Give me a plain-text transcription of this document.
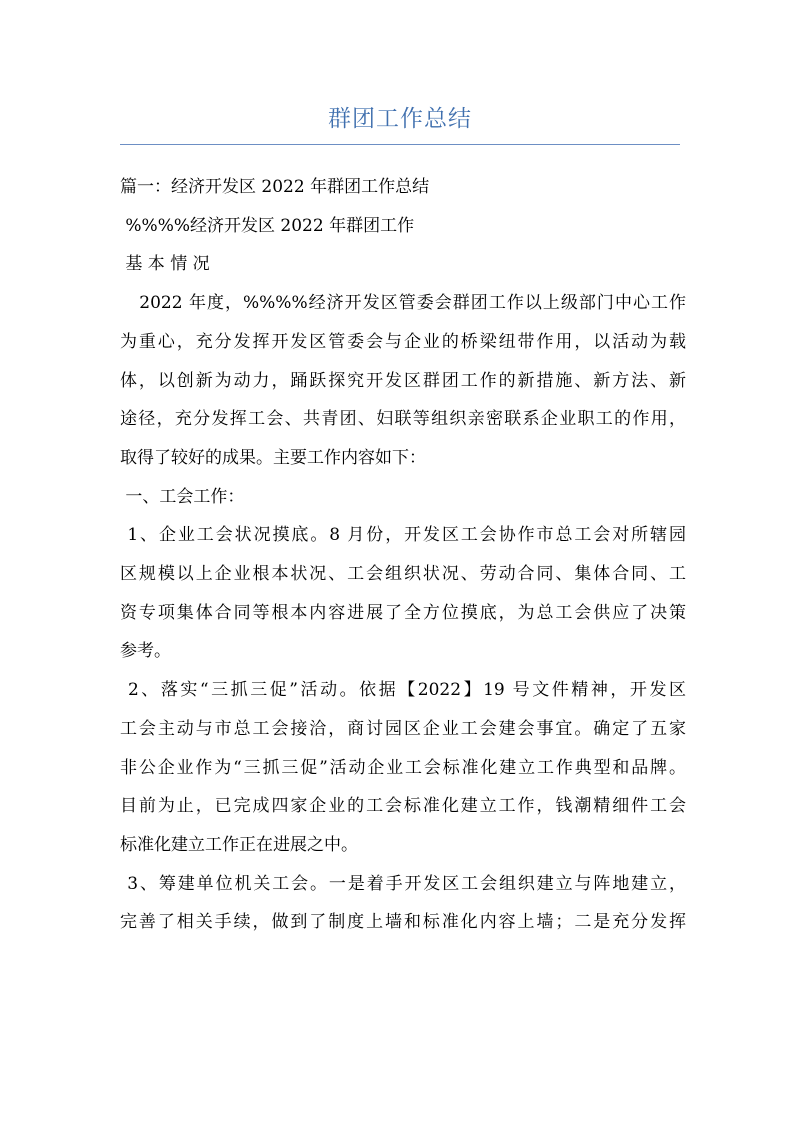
群团工作总结
篇一：经济开发区 2022 年群团工作总结
%%%%经济开发区 2022 年群团工作
基 本 情 况
2022 年度，%%%%经济开发区管委会群团工作以上级部门中心工作
为重心，充分发挥开发区管委会与企业的桥梁纽带作用，以活动为载
体，以创新为动力，踊跃探究开发区群团工作的新措施、新方法、新
途径，充分发挥工会、共青团、妇联等组织亲密联系企业职工的作用，
取得了较好的成果。主要工作内容如下：
一、工会工作：
1、企业工会状况摸底。8 月份，开发区工会协作市总工会对所辖园
区规模以上企业根本状况、工会组织状况、劳动合同、集体合同、工
资专项集体合同等根本内容进展了全方位摸底，为总工会供应了决策
参考。
2、落实“三抓三促”活动。依据【2022】19 号文件精神，开发区
工会主动与市总工会接洽，商讨园区企业工会建会事宜。确定了五家
非公企业作为“三抓三促”活动企业工会标准化建立工作典型和品牌。
目前为止，已完成四家企业的工会标准化建立工作，钱潮精细件工会
标准化建立工作正在进展之中。
3、筹建单位机关工会。一是着手开发区工会组织建立与阵地建立，
完善了相关手续，做到了制度上墙和标准化内容上墙；二是充分发挥
